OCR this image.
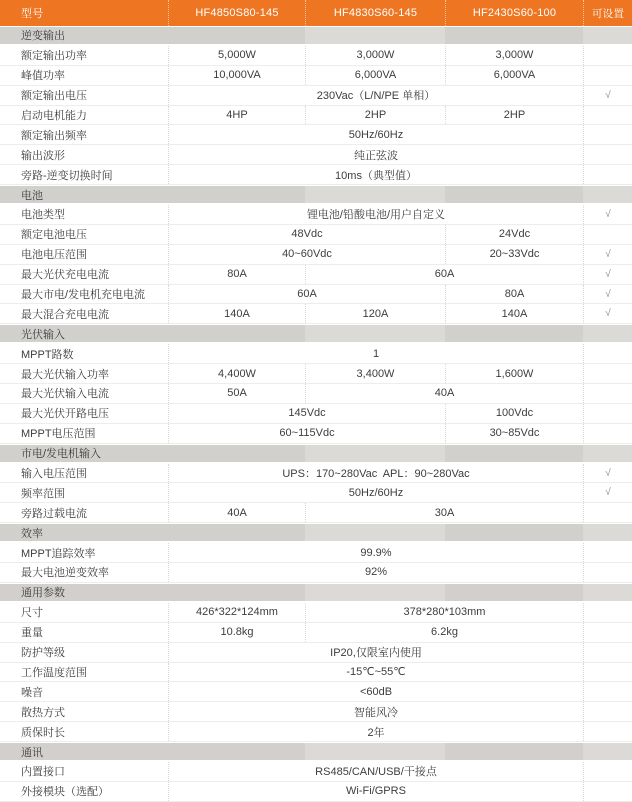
型号	HF4850S80-145	HF4830S60-145	HF2430S60-100	可设置
逆变输出
额定输出功率	5,000W	3,000W	3,000W
峰值功率	10,000VA	6,000VA	6,000VA
额定输出电压	230Vac（L/N/PE 单相）	√
启动电机能力	4HP	2HP	2HP
额定输出频率	50Hz/60Hz
输出波形	纯正弦波
旁路-逆变切换时间	10ms（典型值）
电池
电池类型	锂电池/铅酸电池/用户自定义	√
额定电池电压	48Vdc	24Vdc
电池电压范围	40~60Vdc	20~33Vdc	√
最大光伏充电电流	80A	60A	√
最大市电/发电机充电电流	60A	80A	√
最大混合充电电流	140A	120A	140A	√
光伏输入
MPPT路数	1
最大光伏输入功率	4,400W	3,400W	1,600W
最大光伏输入电流	50A	40A
最大光伏开路电压	145Vdc	100Vdc
MPPT电压范围	60~115Vdc	30~85Vdc
市电/发电机输入
输入电压范围	UPS：170~280Vac  APL：90~280Vac	√
频率范围	50Hz/60Hz	√
旁路过载电流	40A	30A
效率
MPPT追踪效率	99.9%
最大电池逆变效率	92%
通用参数
尺寸	426*322*124mm	378*280*103mm
重量	10.8kg	6.2kg
防护等级	IP20,仅限室内使用
工作温度范围	-15℃~55℃
噪音	<60dB
散热方式	智能风冷
质保时长	2年
通讯
内置接口	RS485/CAN/USB/干接点
外接模块（选配）	Wi-Fi/GPRS
